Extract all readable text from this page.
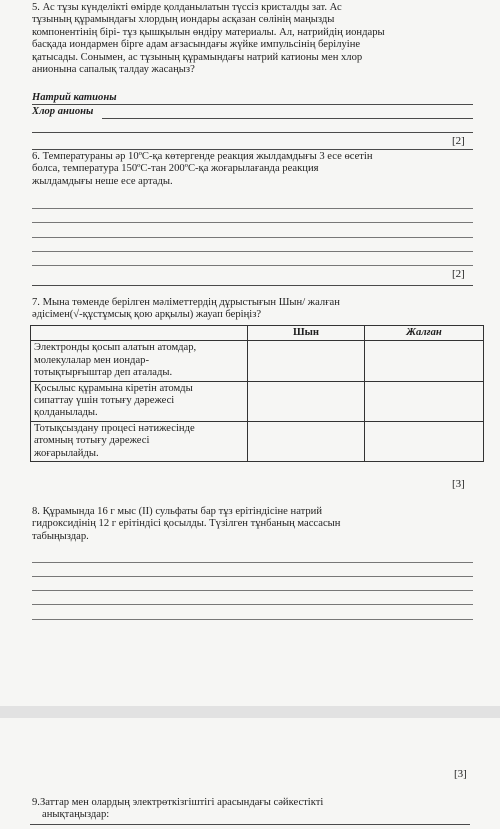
5. Ас тұзы күнделікті өмірде қолданылатын түссіз кристалды зат. Ас
тұзының құрамындағы хлордың иондары асқазан сөлінің маңызды
компонентінің бірі- тұз қышқылын өндіру материалы. Ал, натрийдің иондары
басқада иондармен бірге адам ағзасындағы жүйке импульсінің берілуіне
қатысады. Сонымен, ас тұзының құрамындағы натрий катионы мен хлор
анионына сапалық талдау жасаңыз?
Натрий катионы
Хлор анионы
[2]
6. Температураны әр 10ºС-қа көтергенде реакция жылдамдығы 3 есе өсетін
болса, температура 150ºС-тан 200ºС-қа жоғарылағанда реакция
жылдамдығы неше есе артады.
[2]
7. Мына төменде берілген мәліметтердің дұрыстығын Шын/ жалған
әдісімен(√-құстұмсық қою арқылы) жауап беріңіз?
	Шын	Жалған

Электронды қосып алатын атомдар,
молекулалар мен иондар-
тотықтырғыштар деп аталады.		

Қосылыс құрамына кіретін атомды
сипаттау үшін тотығу дәрежесі
қолданылады.		

Тотықсыздану процесі нәтижесінде
атомның тотығу дәрежесі
жоғарылайды.		

[3]
8. Құрамында 16 г мыс (ІІ) сульфаты бар тұз ерітіндісіне натрий
гидроксидінің 12 г ерітіндісі қосылды. Түзілген тұнбаның массасын
табыңыздар.
[3]
9.Заттар мен олардың электрөткізгіштігі арасындағы сәйкестікті
анықтаңыздар:
